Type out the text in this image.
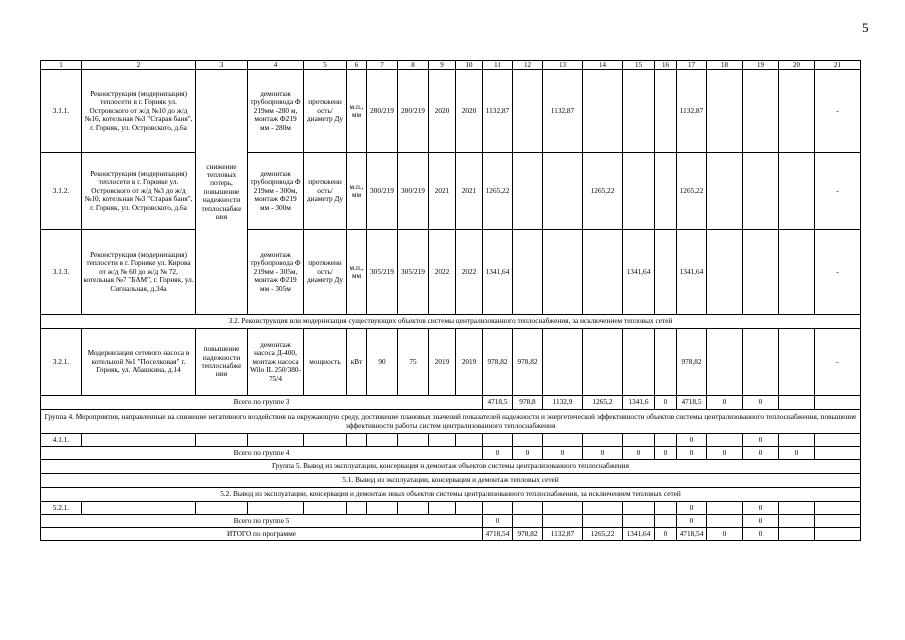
5
1	2	3	4	5	6	7	8	9	10	11	12	13	14	15	16	17	18	19	20	21
3.1.1.	Реконструкция (модернизация) теплосети в г. Горняк ул. Островского от ж/д №10 до ж/д №16, котельная №3 "Старая баня", г. Горняк, ул. Островского, д.6а	снижение тепловых потерь, повышение надежности теплоснабже ния	демонтаж трубопровода Ф 219мм -280 м, монтаж Ф219 мм - 280м	протяженн ость/ диаметр Ду	м.п., мм	280/219	280/219	2020	2020	1132,87		1132,87				1132,87				-
3.1.2.	Реконструкция (модернизация) теплосети в г. Горняке ул. Островского от ж/д №3 до ж/д №10, котельная №3 "Старая баня", г. Горняк, ул. Островского, д.6а		демонтаж трубопровода Ф 219мм - 300м, монтаж Ф219 мм - 300м	протяженн ость/ диаметр Ду	м.п., мм	300/219	300/219	2021	2021	1265,22			1265,22			1265,22				-
3.1.3.	Реконструкция (модернизация) теплосети в г. Горняке ул. Кирова от ж/д № 60 до ж/д № 72, котельная №7 "БАМ", г. Горняк, ул. Сигнальная, д.34а		демонтаж трубопровода Ф 219мм - 305м, монтаж Ф219 мм - 305м	протяженн ость/ диаметр Ду	м.п., мм	305/219	305/219	2022	2022	1341,64				1341,64		1341,64				-
3.2. Реконструкция или модернизация существующих объектов системы централизованного теплоснабжения, за исключением тепловых сетей																				
3.2.1.	Модернизация сетевого насоса в котельной №1 "Поселковая" г. Горняк, ул. Абашкина, д.14	повышение надежности теплоснабже ния	демонтаж насоса Д-400, монтаж насоса Wilo IL 250/380-75/4	мощность	кВт	90	75	2019	2019	978,82	978,82					978,82				-
Всего по группе 3										4718,5	978,8	1132,9	1265,2	1341,6	0	4718,5	0	0		
Группа 4. Мероприятия, направленные на снижение негативного воздействия на окружающую среду, достижение плановых значений показателей надежности и энергетической эффективности объектов системы централизованного теплоснабжения, повышение эффективности работы систем централизованного теплоснабжения																				
4.1.1.																0		0		
Всего по группе 4										0	0	0	0	0	0	0	0	0	0	
Группа 5. Вывод из эксплуатации, консервация и демонтаж объектов системы централизованного теплоснабжения																				
5.1. Вывод из эксплуатации, консервация и демонтаж тепловых сетей																				
5.2. Вывод из эксплуатации, консервация и демонтаж иных объектов системы централизованного теплоснабжения, за исключением тепловых сетей																				
5.2.1.																0		0		
Всего по группе 5										0						0		0		
ИТОГО по программе										4718,54	978,82	1132,87	1265,22	1341,64	0	4718,54	0	0		
